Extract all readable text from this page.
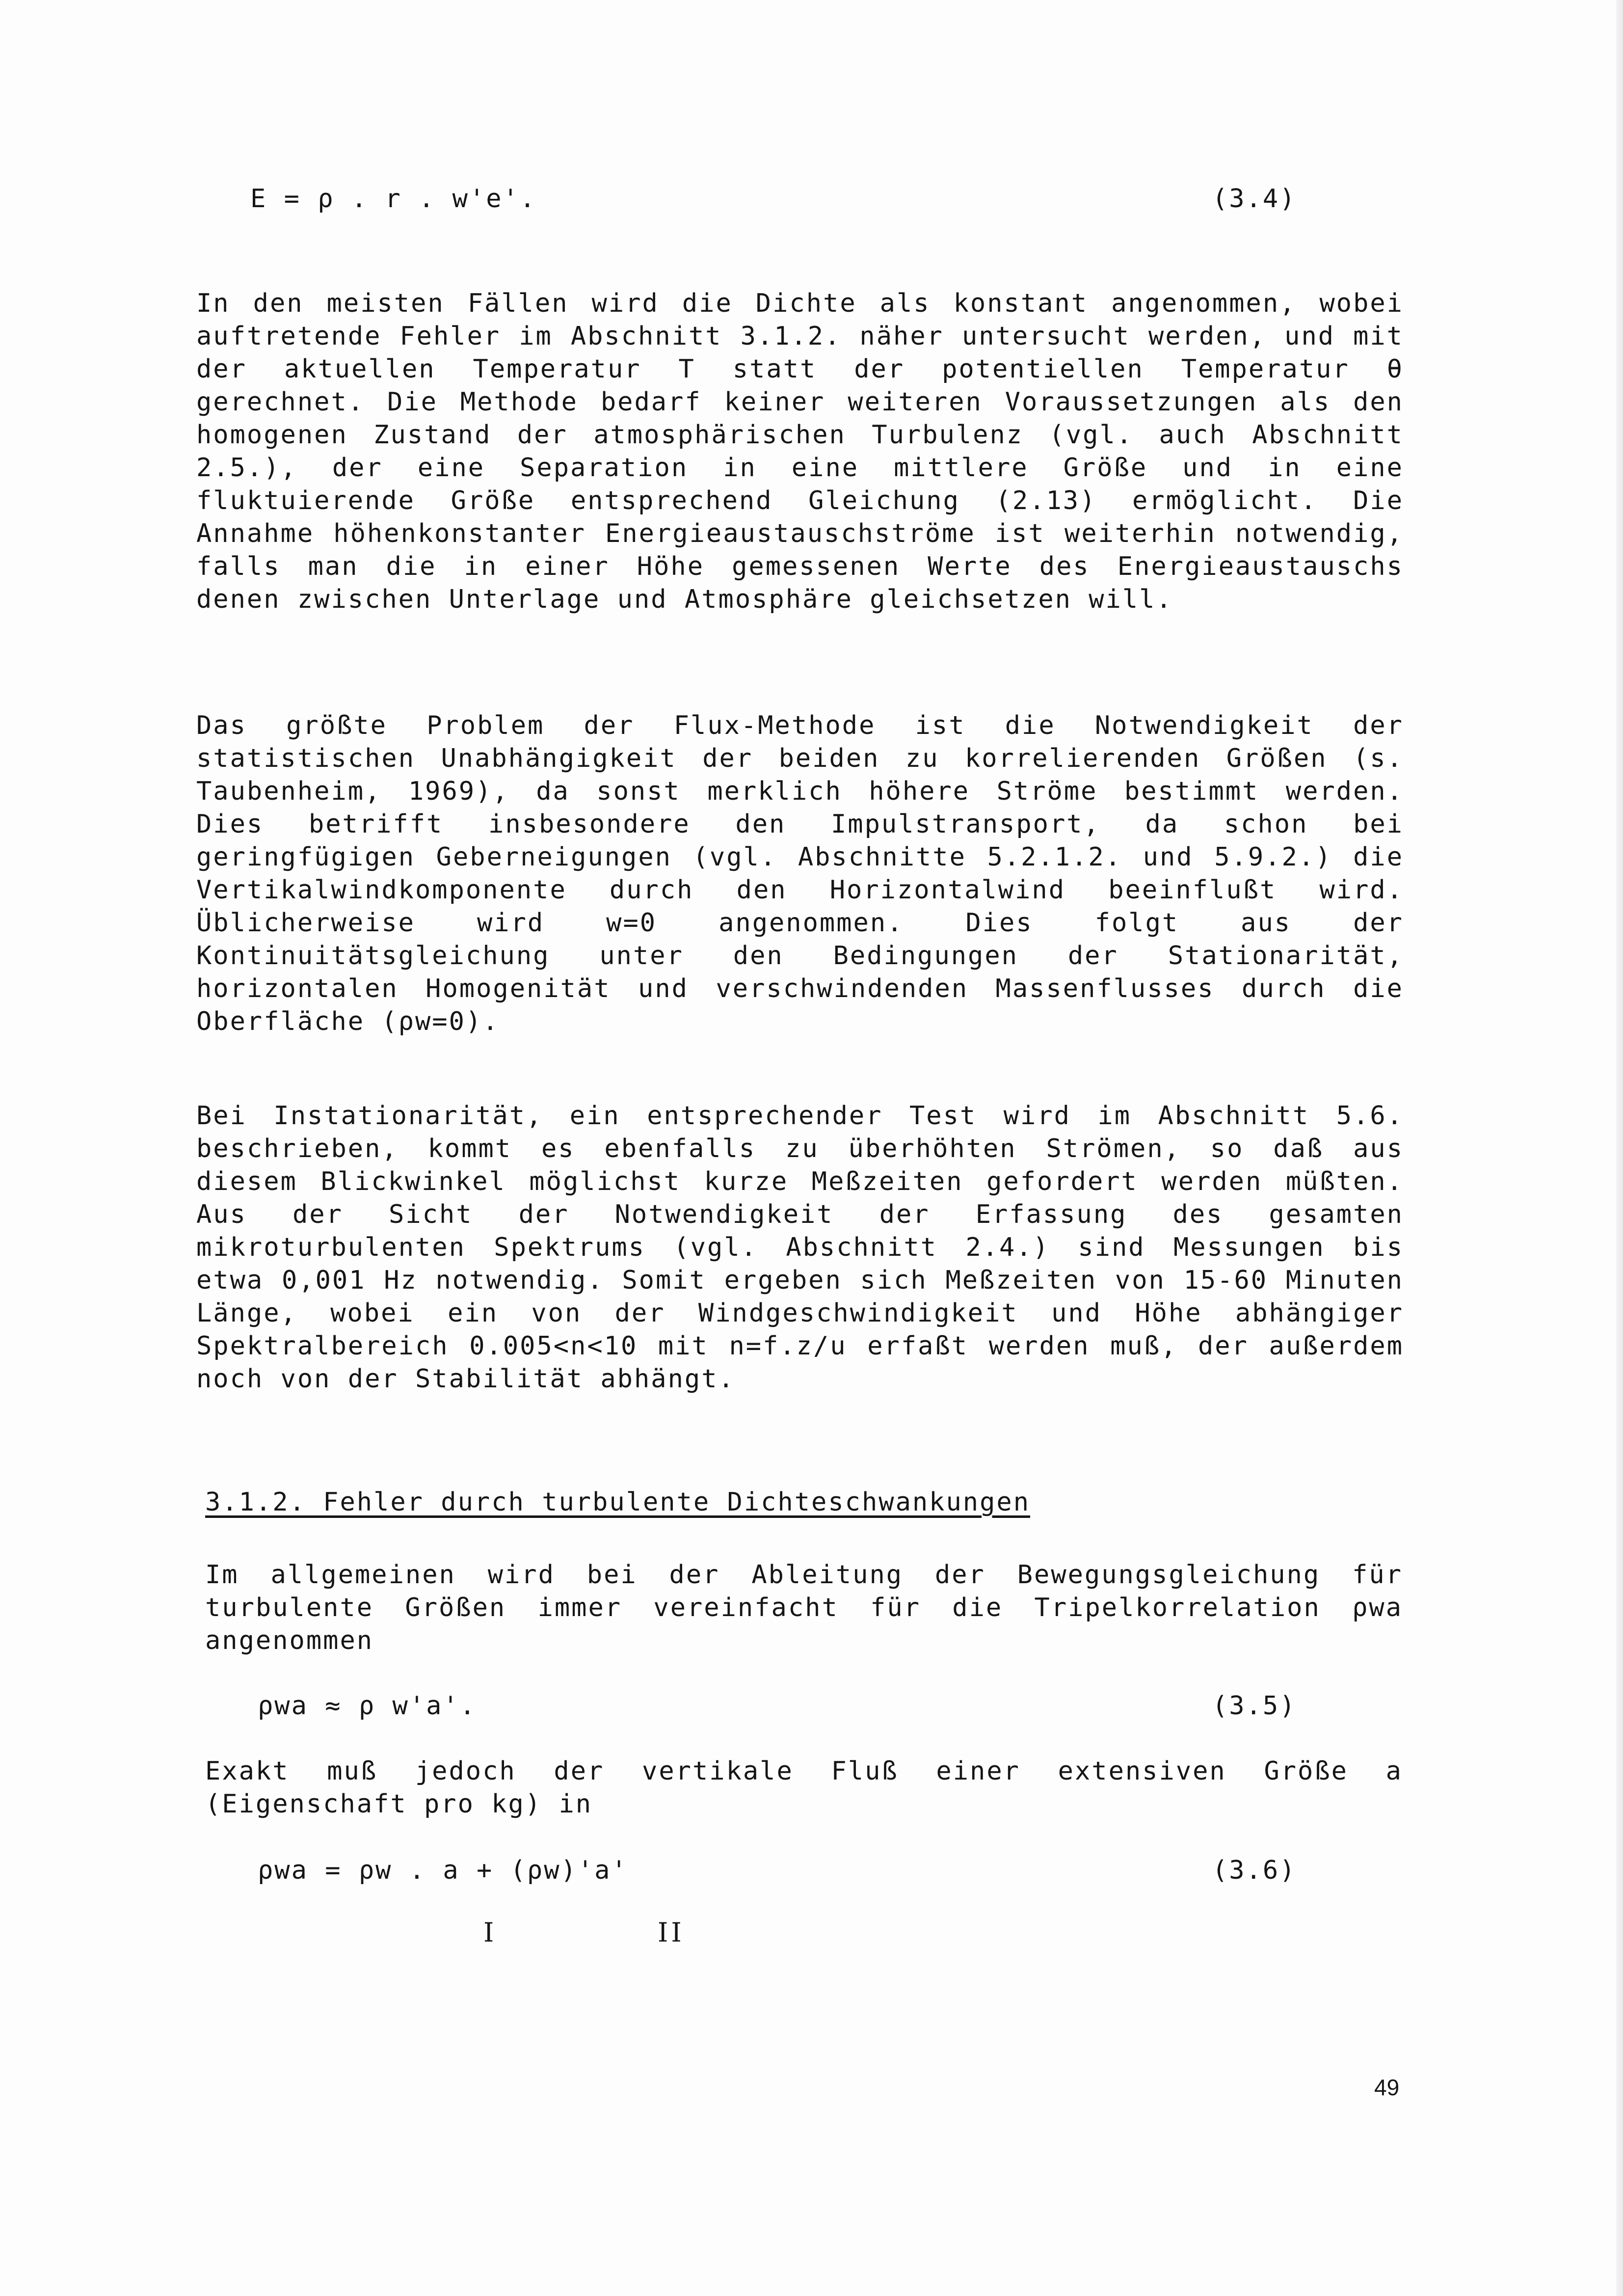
E = ρ . r . w'e'.	(3.4)
In den meisten Fällen wird die Dichte als konstant angenommen, wobei auftretende Fehler im Abschnitt 3.1.2. näher untersucht werden, und mit der aktuellen Temperatur T statt der potentiellen Temperatur θ gerechnet. Die Methode bedarf keiner weiteren Voraussetzungen als den homogenen Zustand der atmosphärischen Turbulenz (vgl. auch Abschnitt 2.5.), der eine Separation in eine mittlere Größe und in eine fluktuierende Größe entsprechend Gleichung (2.13) ermöglicht. Die Annahme höhenkonstanter Energieaustauschströme ist weiterhin notwendig, falls man die in einer Höhe gemessenen Werte des Energieaustauschs denen zwischen Unterlage und Atmosphäre gleichsetzen will.
Das größte Problem der Flux-Methode ist die Notwendigkeit der statistischen Unabhängigkeit der beiden zu korrelierenden Größen (s. Taubenheim, 1969), da sonst merklich höhere Ströme bestimmt werden. Dies betrifft insbesondere den Impulstransport, da schon bei geringfügigen Geberneigungen (vgl. Abschnitte 5.2.1.2. und 5.9.2.) die Vertikalwindkomponente durch den Horizontalwind beeinflußt wird. Üblicherweise wird w=0 angenommen. Dies folgt aus der Kontinuitätsgleichung unter den Bedingungen der Stationarität, horizontalen Homogenität und verschwindenden Massenflusses durch die Oberfläche (ρw=0).
Bei Instationarität, ein entsprechender Test wird im Abschnitt 5.6. beschrieben, kommt es ebenfalls zu überhöhten Strömen, so daß aus diesem Blickwinkel möglichst kurze Meßzeiten gefordert werden müßten. Aus der Sicht der Notwendigkeit der Erfassung des gesamten mikroturbulenten Spektrums (vgl. Abschnitt 2.4.) sind Messungen bis etwa 0,001 Hz notwendig. Somit ergeben sich Meßzeiten von 15-60 Minuten Länge, wobei ein von der Windgeschwindigkeit und Höhe abhängiger Spektralbereich 0.005<n<10 mit n=f.z/u erfaßt werden muß, der außerdem noch von der Stabilität abhängt.
3.1.2. Fehler durch turbulente Dichteschwankungen
Im allgemeinen wird bei der Ableitung der Bewegungsgleichung für turbulente Größen immer vereinfacht für die Tripelkorrelation ρwa angenommen
ρwa ≈ ρ w'a'.	(3.5)
Exakt muß jedoch der vertikale Fluß einer extensiven Größe a (Eigenschaft pro kg) in
ρwa = ρw . a + (ρw)'a'	(3.6)
I	II
49
